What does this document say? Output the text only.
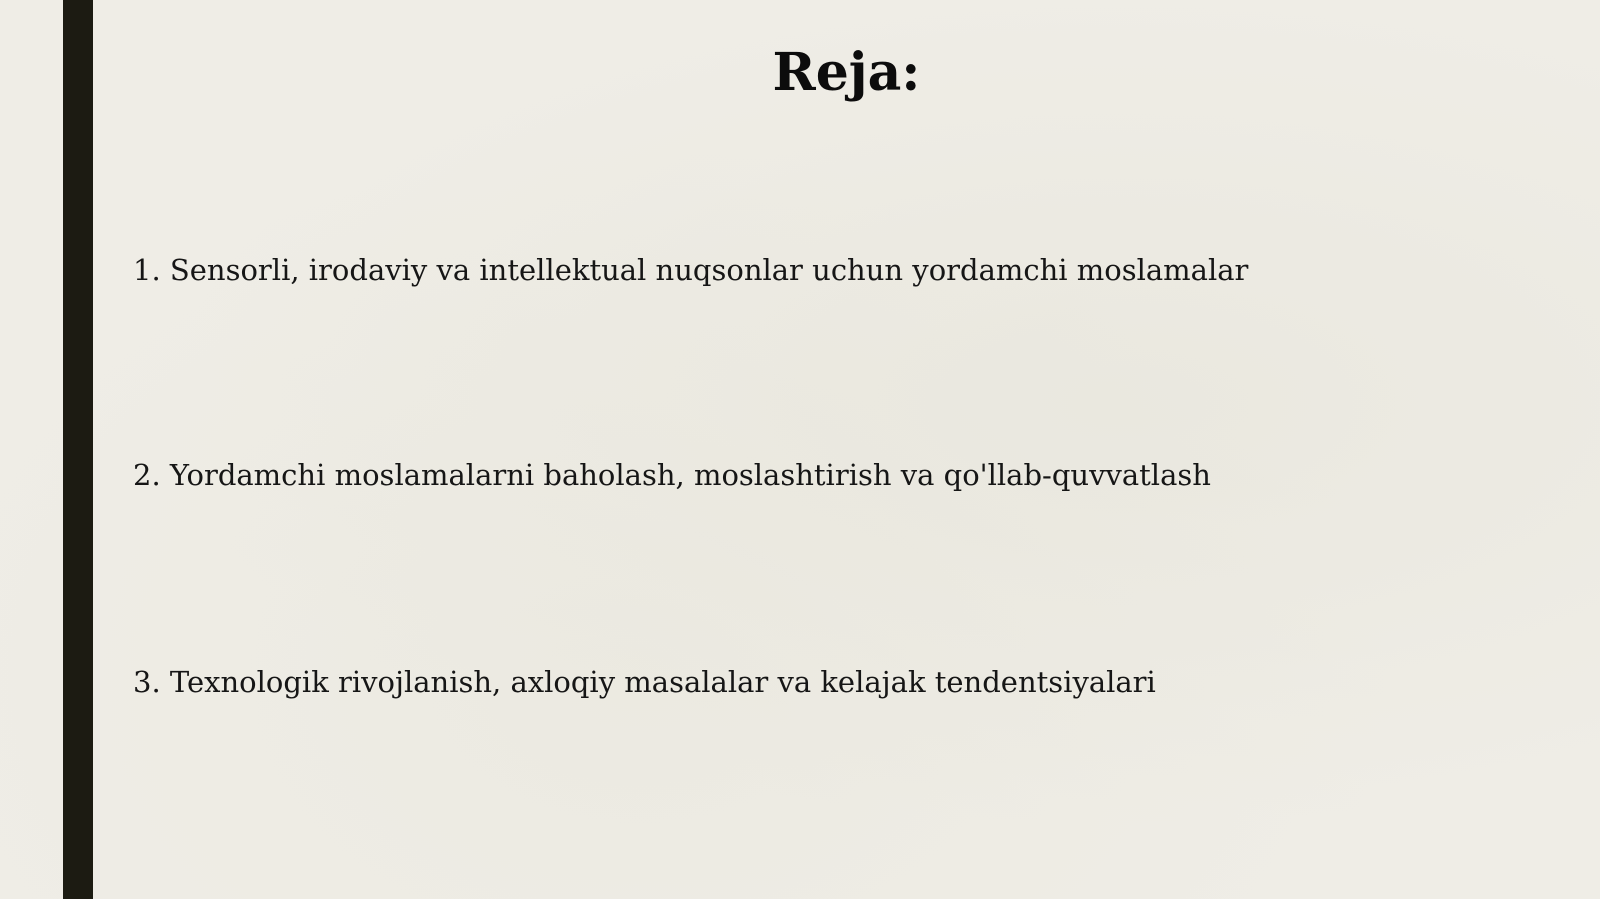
Reja:
1. Sensorli, irodaviy va intellektual nuqsonlar uchun yordamchi moslamalar
2. Yordamchi moslamalarni baholash, moslashtirish va qo'llab-quvvatlash
3. Texnologik rivojlanish, axloqiy masalalar va kelajak tendentsiyalari
